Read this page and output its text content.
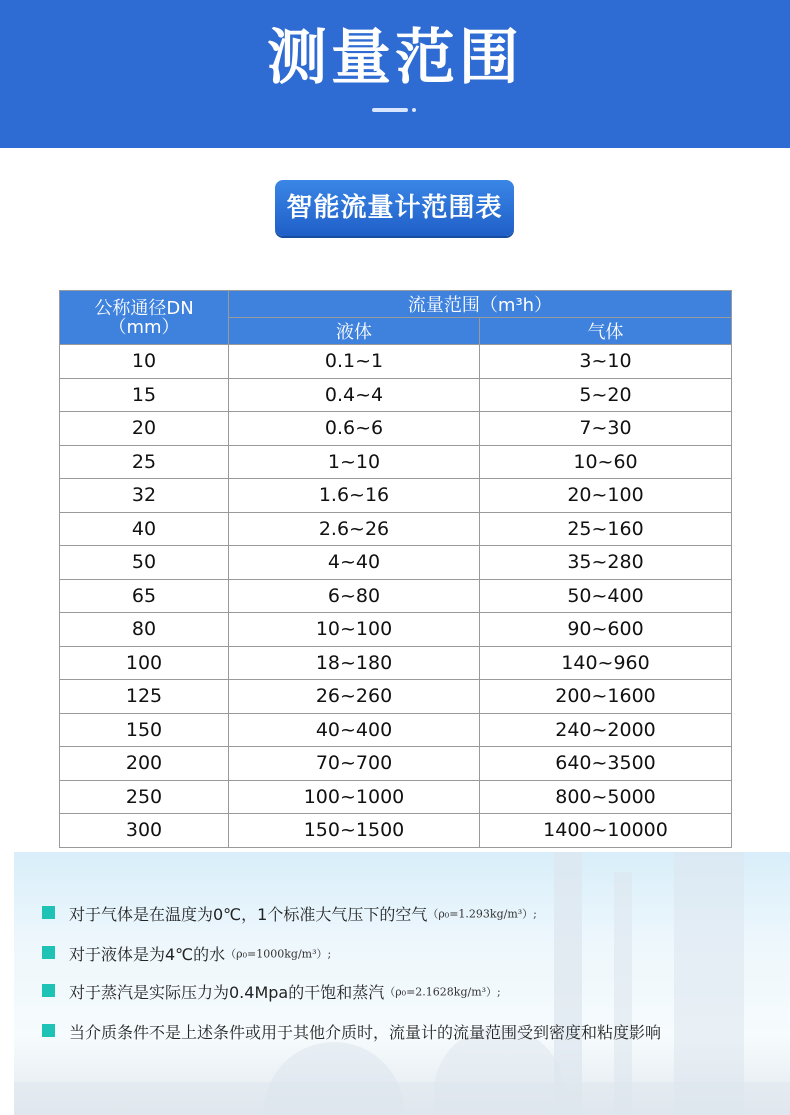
测量范围
智能流量计范围表
公称通径DN
（mm）	流量范围（m³h）	
	液体	气体
10	0.1~1	3~10
15	0.4~4	5~20
20	0.6~6	7~30
25	1~10	10~60
32	1.6~16	20~100
40	2.6~26	25~160
50	4~40	35~280
65	6~80	50~400
80	10~100	90~600
100	18~180	140~960
125	26~260	200~1600
150	40~400	240~2000
200	70~700	640~3500
250	100~1000	800~5000
300	150~1500	1400~10000
对于气体是在温度为0℃，1个标准大气压下的空气（ρ₀=1.293kg/m³）;
对于液体是为4℃的水（ρ₀=1000kg/m³）;
对于蒸汽是实际压力为0.4Mpa的干饱和蒸汽（ρ₀=2.1628kg/m³）;
当介质条件不是上述条件或用于其他介质时，流量计的流量范围受到密度和粘度影响
